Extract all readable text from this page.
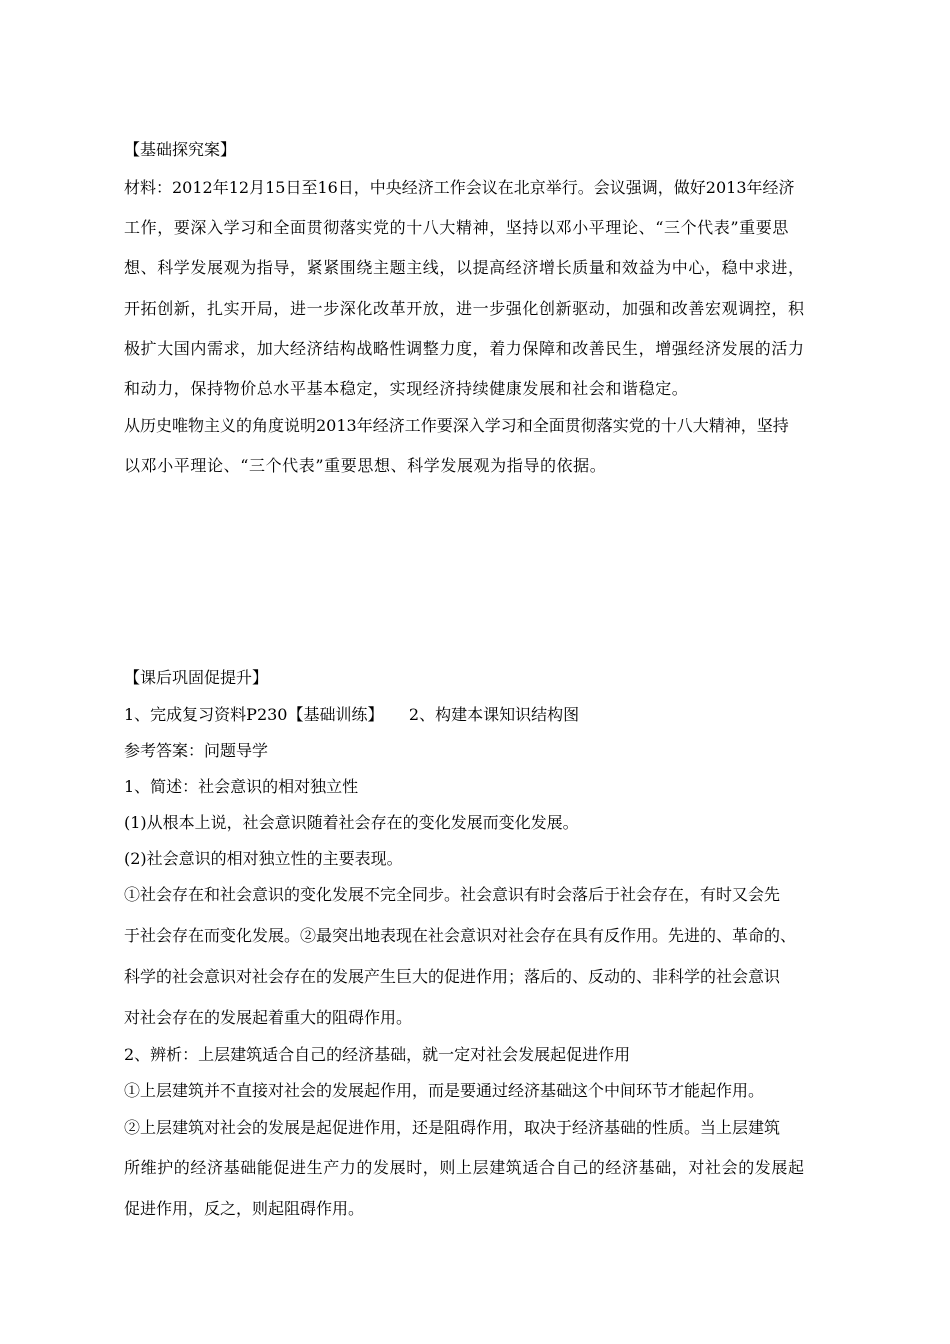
【基础探究案】
材料：2012年12月15日至16日，中央经济工作会议在北京举行。会议强调，做好2013年经济
工作，要深入学习和全面贯彻落实党的十八大精神，坚持以邓小平理论、“三个代表”重要思
想、科学发展观为指导，紧紧围绕主题主线，以提高经济增长质量和效益为中心，稳中求进，
开拓创新，扎实开局，进一步深化改革开放，进一步强化创新驱动，加强和改善宏观调控，积
极扩大国内需求，加大经济结构战略性调整力度，着力保障和改善民生，增强经济发展的活力
和动力，保持物价总水平基本稳定，实现经济持续健康发展和社会和谐稳定。
从历史唯物主义的角度说明2013年经济工作要深入学习和全面贯彻落实党的十八大精神，坚持
以邓小平理论、“三个代表”重要思想、科学发展观为指导的依据。
【课后巩固促提升】
1、完成复习资料P230【基础训练】     2、构建本课知识结构图
参考答案：问题导学
1、简述：社会意识的相对独立性
(1)从根本上说，社会意识随着社会存在的变化发展而变化发展。
(2)社会意识的相对独立性的主要表现。
①社会存在和社会意识的变化发展不完全同步。社会意识有时会落后于社会存在，有时又会先
于社会存在而变化发展。②最突出地表现在社会意识对社会存在具有反作用。先进的、革命的、
科学的社会意识对社会存在的发展产生巨大的促进作用；落后的、反动的、非科学的社会意识
对社会存在的发展起着重大的阻碍作用。
2、辨析：上层建筑适合自己的经济基础，就一定对社会发展起促进作用
①上层建筑并不直接对社会的发展起作用，而是要通过经济基础这个中间环节才能起作用。
②上层建筑对社会的发展是起促进作用，还是阻碍作用，取决于经济基础的性质。当上层建筑
所维护的经济基础能促进生产力的发展时，则上层建筑适合自己的经济基础，对社会的发展起
促进作用，反之，则起阻碍作用。
